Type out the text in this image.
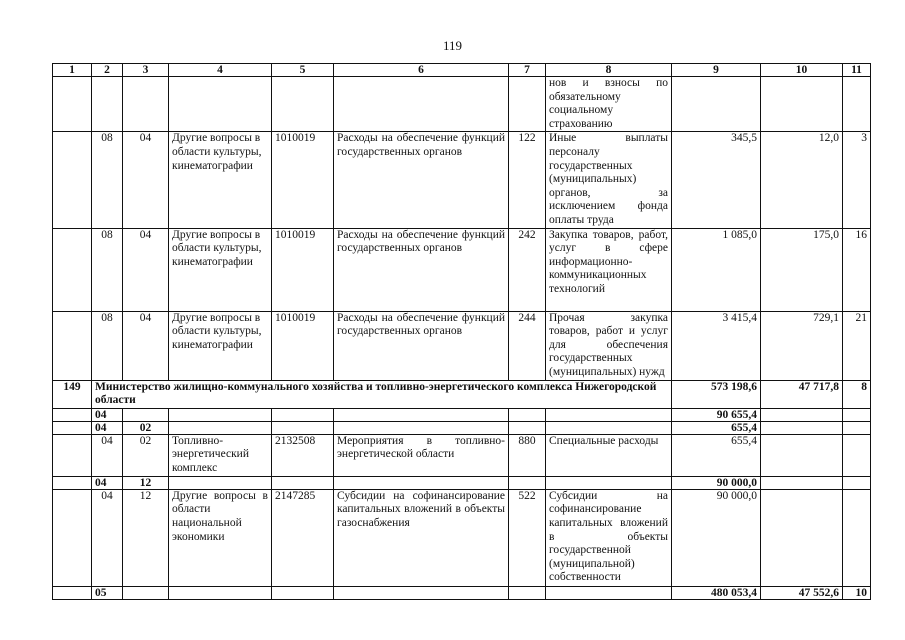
119
1	2	3	4	5	6	7	8	9	10	11
							нов и взносы по обязательному социальному страхованию			
	08	04	Другие вопросы в области культуры, кинематографии	1010019	Расходы на обеспечение функций государственных органов	122	Иные выплаты персоналу государственных (муниципальных) органов, за исключением фонда оплаты труда	345,5	12,0	3
	08	04	Другие вопросы в области культуры, кинематографии	1010019	Расходы на обеспечение функций государственных органов	242	Закупка товаров, работ, услуг в сфере информационно-коммуникационных технологий	1 085,0	175,0	16
	08	04	Другие вопросы в области культуры, кинематографии	1010019	Расходы на обеспечение функций государственных органов	244	Прочая закупка товаров, работ и услуг для обеспечения государственных (муниципальных) нужд	3 415,4	729,1	21
149	Министерство жилищно-коммунального хозяйства и топливно-энергетического комплекса Нижегородской области							573 198,6	47 717,8	8
	04							90 655,4		
	04	02						655,4		
	04	02	Топливно-энергетический комплекс	2132508	Мероприятия в топливно-энергетической области	880	Специальные расходы	655,4		
	04	12						90 000,0		
	04	12	Другие вопросы в области национальной экономики	2147285	Субсидии на софинансирование капитальных вложений в объекты газоснабжения	522	Субсидии на софинансирование капитальных вложений в объекты государственной (муниципальной) собственности	90 000,0		
	05							480 053,4	47 552,6	10
